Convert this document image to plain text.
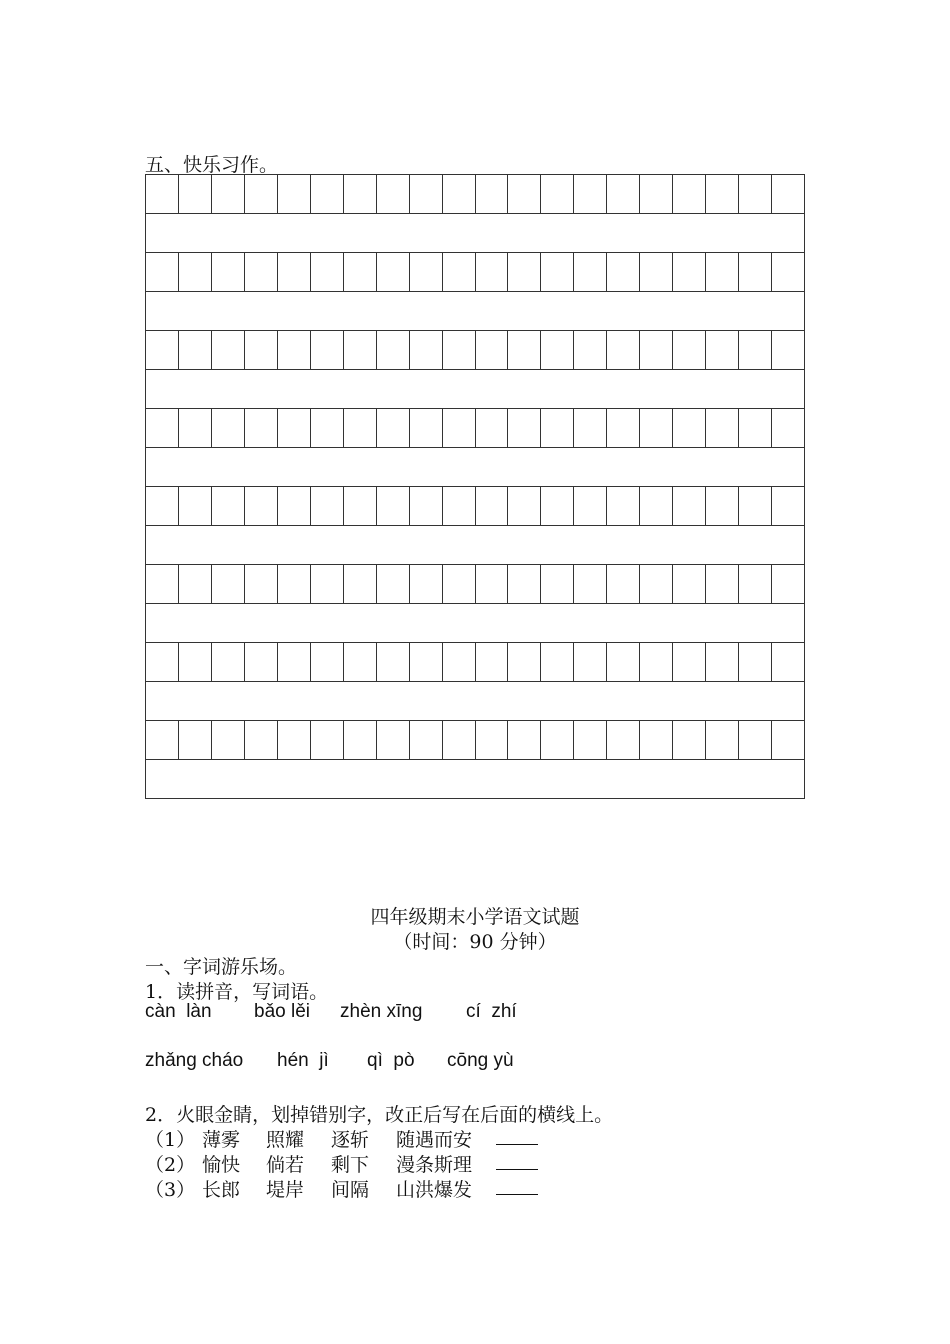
五、快乐习作。
四年级期末小学语文试题
（时间：90 分钟）
一、字词游乐场。
1．读拼音，写词语。
càn  làn bǎo lěi zhèn xīng cí  zhí
zhǎng cháo hén  jì qì  pò cōng yù
2．火眼金睛，划掉错别字，改正后写在后面的横线上。
（1） 薄雾 照耀 逐斩 随遇而安
（2） 愉快 倘若 剩下 漫条斯理
（3） 长郎 堤岸 间隔 山洪爆发
